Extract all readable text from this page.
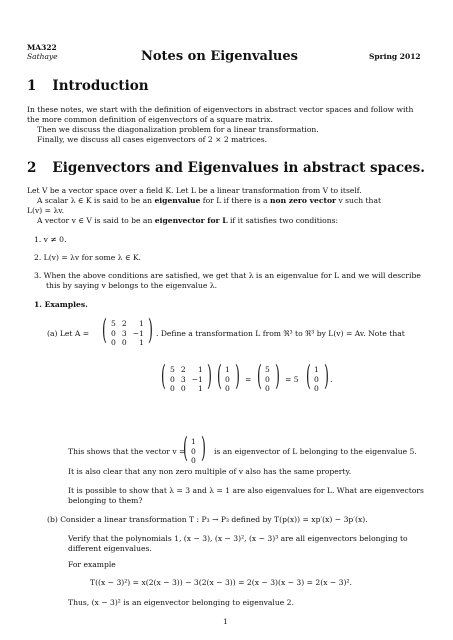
MA322
Sathaye	Notes on Eigenvalues	Spring 2012
1 Introduction
In these notes, we start with the definition of eigenvectors in abstract vector spaces and follow with
the more common definition of eigenvectors of a square matrix.
Then we discuss the diagonalization problem for a linear transformation.
Finally, we discuss all cases eigenvectors of 2 × 2 matrices.
2 Eigenvectors and Eigenvalues in abstract spaces.
Let V be a vector space over a field K. Let L be a linear transformation from V to itself.
A scalar λ ∈ K is said to be an eigenvalue for L if there is a non zero vector v such that
L(v) = λv.
A vector v ∈ V is said to be an eigenvector for L if it satisfies two conditions:
1. v ≠ 0.
2. L(v) = λv for some λ ∈ K.
3. When the above conditions are satisfied, we get that λ is an eigenvalue for L and we will describe
this by saying v belongs to the eigenvalue λ.
1. Examples.
(a) Let A = ( 5	2	1
0	3	−1
0	0	1 ) . Define a transformation L from ℜ³ to ℜ³ by L(v) = Av. Note that
( 5	2	1
0	3	−1
0	0	1 ) ( 1
0
0 ) = ( 5
0
0 ) = 5 ( 1
0
0 ) .
This shows that the vector v =
( 1
0
0 ) is an eigenvector of L belonging to the eigenvalue 5.
It is also clear that any non zero multiple of v also has the same property.
It is possible to show that λ = 3 and λ = 1 are also eigenvalues for L. What are eigenvectors
belonging to them?
(b) Consider a linear transformation T : P₃ → P₃ defined by T(p(x)) = xp′(x) − 3p′(x).
Verify that the polynomials 1, (x − 3), (x − 3)², (x − 3)³ are all eigenvectors belonging to
different eigenvalues.
For example
T((x − 3)²) = x(2(x − 3)) − 3(2(x − 3)) = 2(x − 3)(x − 3) = 2(x − 3)².
Thus, (x − 3)² is an eigenvector belonging to eigenvalue 2.
1
